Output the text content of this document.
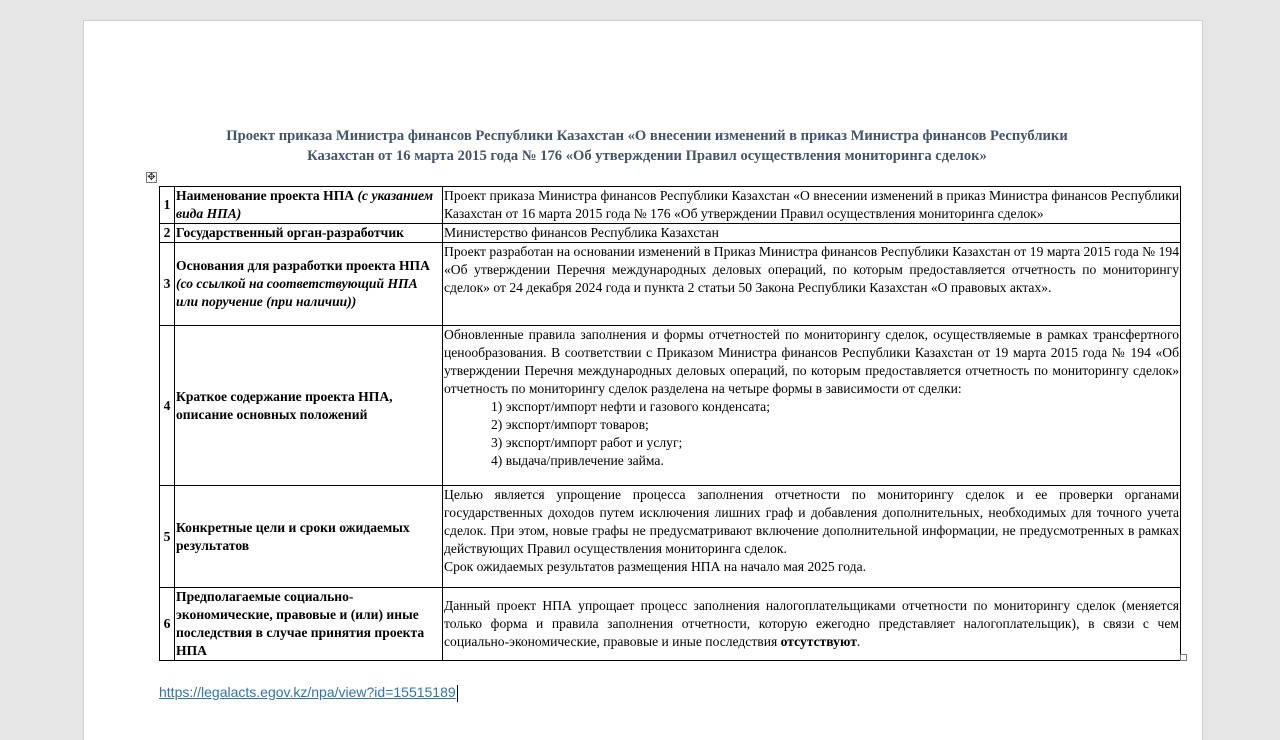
Проект приказа Министра финансов Республики Казахстан «О внесении изменений в приказ Министра финансов Республики
Казахстан от 16 марта 2015 года № 176 «Об утверждении Правил осуществления мониторинга сделок»
✥
1	Наименование проекта НПА (с указанием вида НПА)	Проект приказа Министра финансов Республики Казахстан «О внесении изменений в приказ Министра финансов Республики Казахстан от 16 марта 2015 года № 176 «Об утверждении Правил осуществления мониторинга сделок»
2	Государственный орган-разработчик	Министерство финансов Республика Казахстан
3	Основания для разработки проекта НПА (со ссылкой на соответствующий НПА или поручение (при наличии))	Проект разработан на основании изменений в Приказ Министра финансов Республики Казахстан от 19 марта 2015 года № 194 «Об утверждении Перечня международных деловых операций, по которым предоставляется отчетность по мониторингу сделок» от 24 декабря 2024 года и пункта 2 статьи 50 Закона Республики Казахстан «О правовых актах».
4	Краткое содержание проекта НПА, описание основных положений	Обновленные правила заполнения и формы отчетностей по мониторингу сделок, осуществляемые в рамках трансфертного ценообразования. В соответствии с Приказом Министра финансов Республики Казахстан от 19 марта 2015 года № 194 «Об утверждении Перечня международных деловых операций, по которым предоставляется отчетность по мониторингу сделок» отчетность по мониторингу сделок разделена на четыре формы в зависимости от сделки:
1) экспорт/импорт нефти и газового конденсата;
2) экспорт/импорт товаров;
3) экспорт/импорт работ и услуг;
4) выдача/привлечение займа.

5	Конкретные цели и сроки ожидаемых результатов	Целью является упрощение процесса заполнения отчетности по мониторингу сделок и ее проверки органами государственных доходов путем исключения лишних граф и добавления дополнительных, необходимых для точного учета сделок. При этом, новые графы не предусматривают включение дополнительной информации, не предусмотренных в рамках действующих Правил осуществления мониторинга сделок.
Срок ожидаемых результатов размещения НПА на начало мая 2025 года.

6	Предполагаемые социально-экономические, правовые и (или) иные последствия в случае принятия проекта НПА	Данный проект НПА упрощает процесс заполнения налогоплательщиками отчетности по мониторингу сделок (меняется только форма и правила заполнения отчетности, которую ежегодно представляет налогоплательщик), в связи с чем социально-экономические, правовые и иные последствия отсутствуют.
https://legalacts.egov.kz/npa/view?id=15515189
